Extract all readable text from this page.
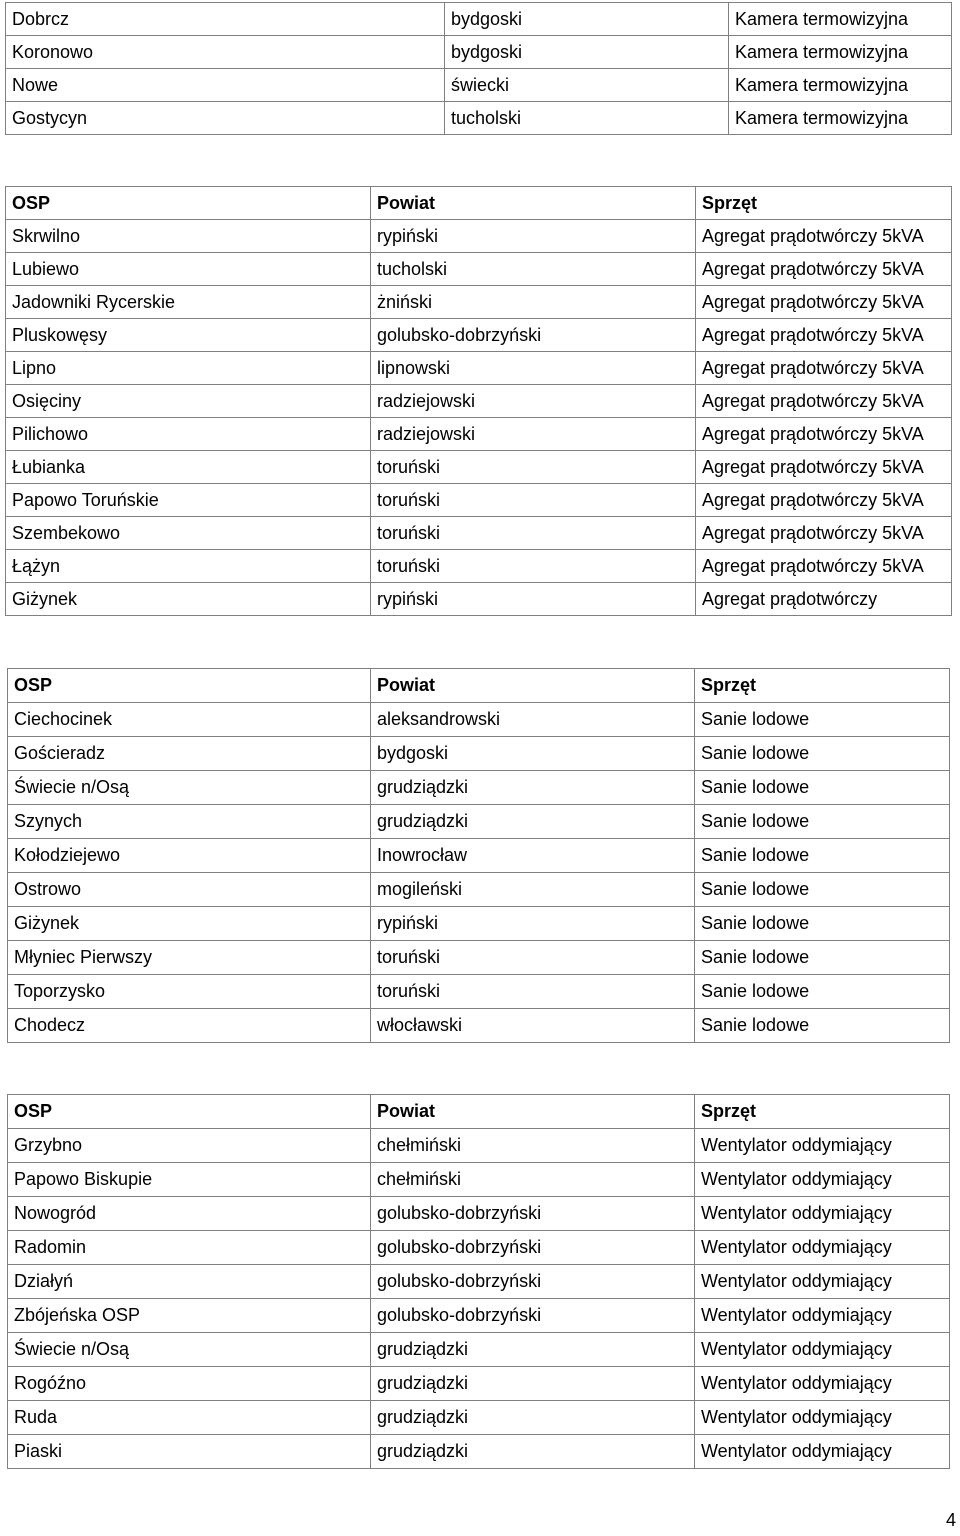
Dobrcz	bydgoski	Kamera termowizyjna
Koronowo	bydgoski	Kamera termowizyjna
Nowe	świecki	Kamera termowizyjna
Gostycyn	tucholski	Kamera termowizyjna
OSP	Powiat	Sprzęt
Skrwilno	rypiński	Agregat prądotwórczy 5kVA
Lubiewo	tucholski	Agregat prądotwórczy 5kVA
Jadowniki Rycerskie	żniński	Agregat prądotwórczy 5kVA
Pluskowęsy	golubsko-dobrzyński	Agregat prądotwórczy 5kVA
Lipno	lipnowski	Agregat prądotwórczy 5kVA
Osięciny	radziejowski	Agregat prądotwórczy 5kVA
Pilichowo	radziejowski	Agregat prądotwórczy 5kVA
Łubianka	toruński	Agregat prądotwórczy 5kVA
Papowo Toruńskie	toruński	Agregat prądotwórczy 5kVA
Szembekowo	toruński	Agregat prądotwórczy 5kVA
Łążyn	toruński	Agregat prądotwórczy 5kVA
Giżynek	rypiński	Agregat prądotwórczy
OSP	Powiat	Sprzęt
Ciechocinek	aleksandrowski	Sanie lodowe
Gościeradz	bydgoski	Sanie lodowe
Świecie n/Osą	grudziądzki	Sanie lodowe
Szynych	grudziądzki	Sanie lodowe
Kołodziejewo	Inowrocław	Sanie lodowe
Ostrowo	mogileński	Sanie lodowe
Giżynek	rypiński	Sanie lodowe
Młyniec Pierwszy	toruński	Sanie lodowe
Toporzysko	toruński	Sanie lodowe
Chodecz	włocławski	Sanie lodowe
OSP	Powiat	Sprzęt
Grzybno	chełmiński	Wentylator oddymiający
Papowo Biskupie	chełmiński	Wentylator oddymiający
Nowogród	golubsko-dobrzyński	Wentylator oddymiający
Radomin	golubsko-dobrzyński	Wentylator oddymiający
Działyń	golubsko-dobrzyński	Wentylator oddymiający
Zbójeńska OSP	golubsko-dobrzyński	Wentylator oddymiający
Świecie n/Osą	grudziądzki	Wentylator oddymiający
Rogóźno	grudziądzki	Wentylator oddymiający
Ruda	grudziądzki	Wentylator oddymiający
Piaski	grudziądzki	Wentylator oddymiający
4
